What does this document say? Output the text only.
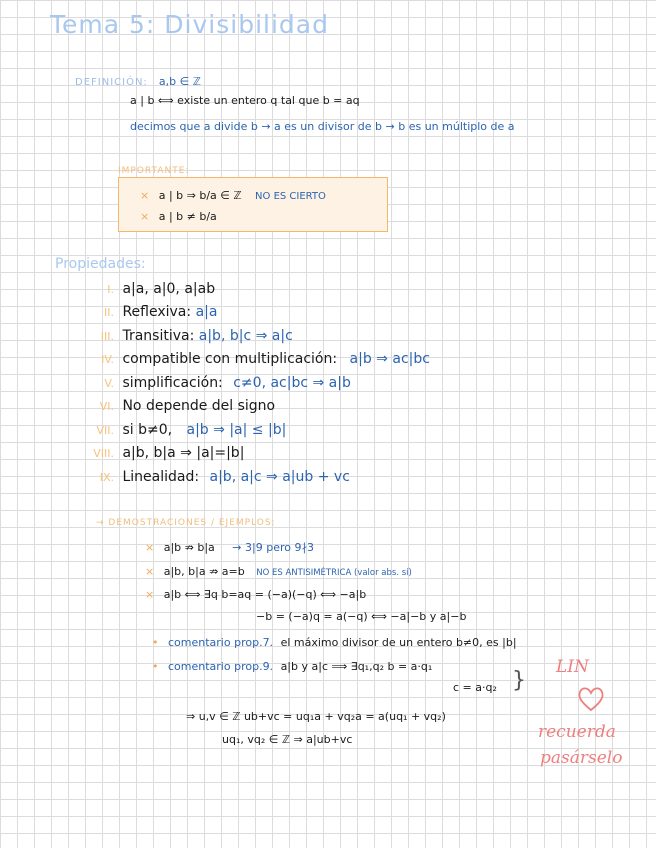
Tema 5: Divisibilidad
DEFINICIÓN: a,b ∈ ℤ
a | b ⟺ existe un entero q tal que b = aq
decimos que a divide b → a es un divisor de b → b es un múltiplo de a
IMPORTANTE:
× a | b ⇒ b/a ∈ ℤ NO ES CIERTO
× a | b ≠ b/a
Propiedades:
I. a|a, a|0, a|ab
II. Reflexiva: a|a
III. Transitiva: a|b, b|c ⇒ a|c
IV. compatible con multiplicación: a|b ⇒ ac|bc
V. simplificación: c≠0, ac|bc ⇒ a|b
VI. No depende del signo
VII. si b≠0, a|b ⇒ |a| ≤ |b|
VIII. a|b, b|a ⇒ |a|=|b|
IX. Linealidad: a|b, a|c ⇒ a|ub + vc
→ DEMOSTRACIONES / EJEMPLOS:
× a|b ⇏ b|a → 3|9 pero 9∤3
× a|b, b|a ⇏ a=b NO ES ANTISIMÉTRICA (valor abs. sí)
× a|b ⟺ ∃q b=aq = (−a)(−q) ⟺ −a|b
−b = (−a)q = a(−q) ⟺ −a|−b y a|−b
• comentario prop.7. el máximo divisor de un entero b≠0, es |b|
• comentario prop.9. a|b y a|c ⟹ ∃q₁,q₂ b = a·q₁
c = a·q₂ }
⇒ u,v ∈ ℤ ub+vc = uq₁a + vq₂a = a(uq₁ + vq₂)
uq₁, vq₂ ∈ ℤ ⇒ a|ub+vc
LIN
recuerda
pasárselo
